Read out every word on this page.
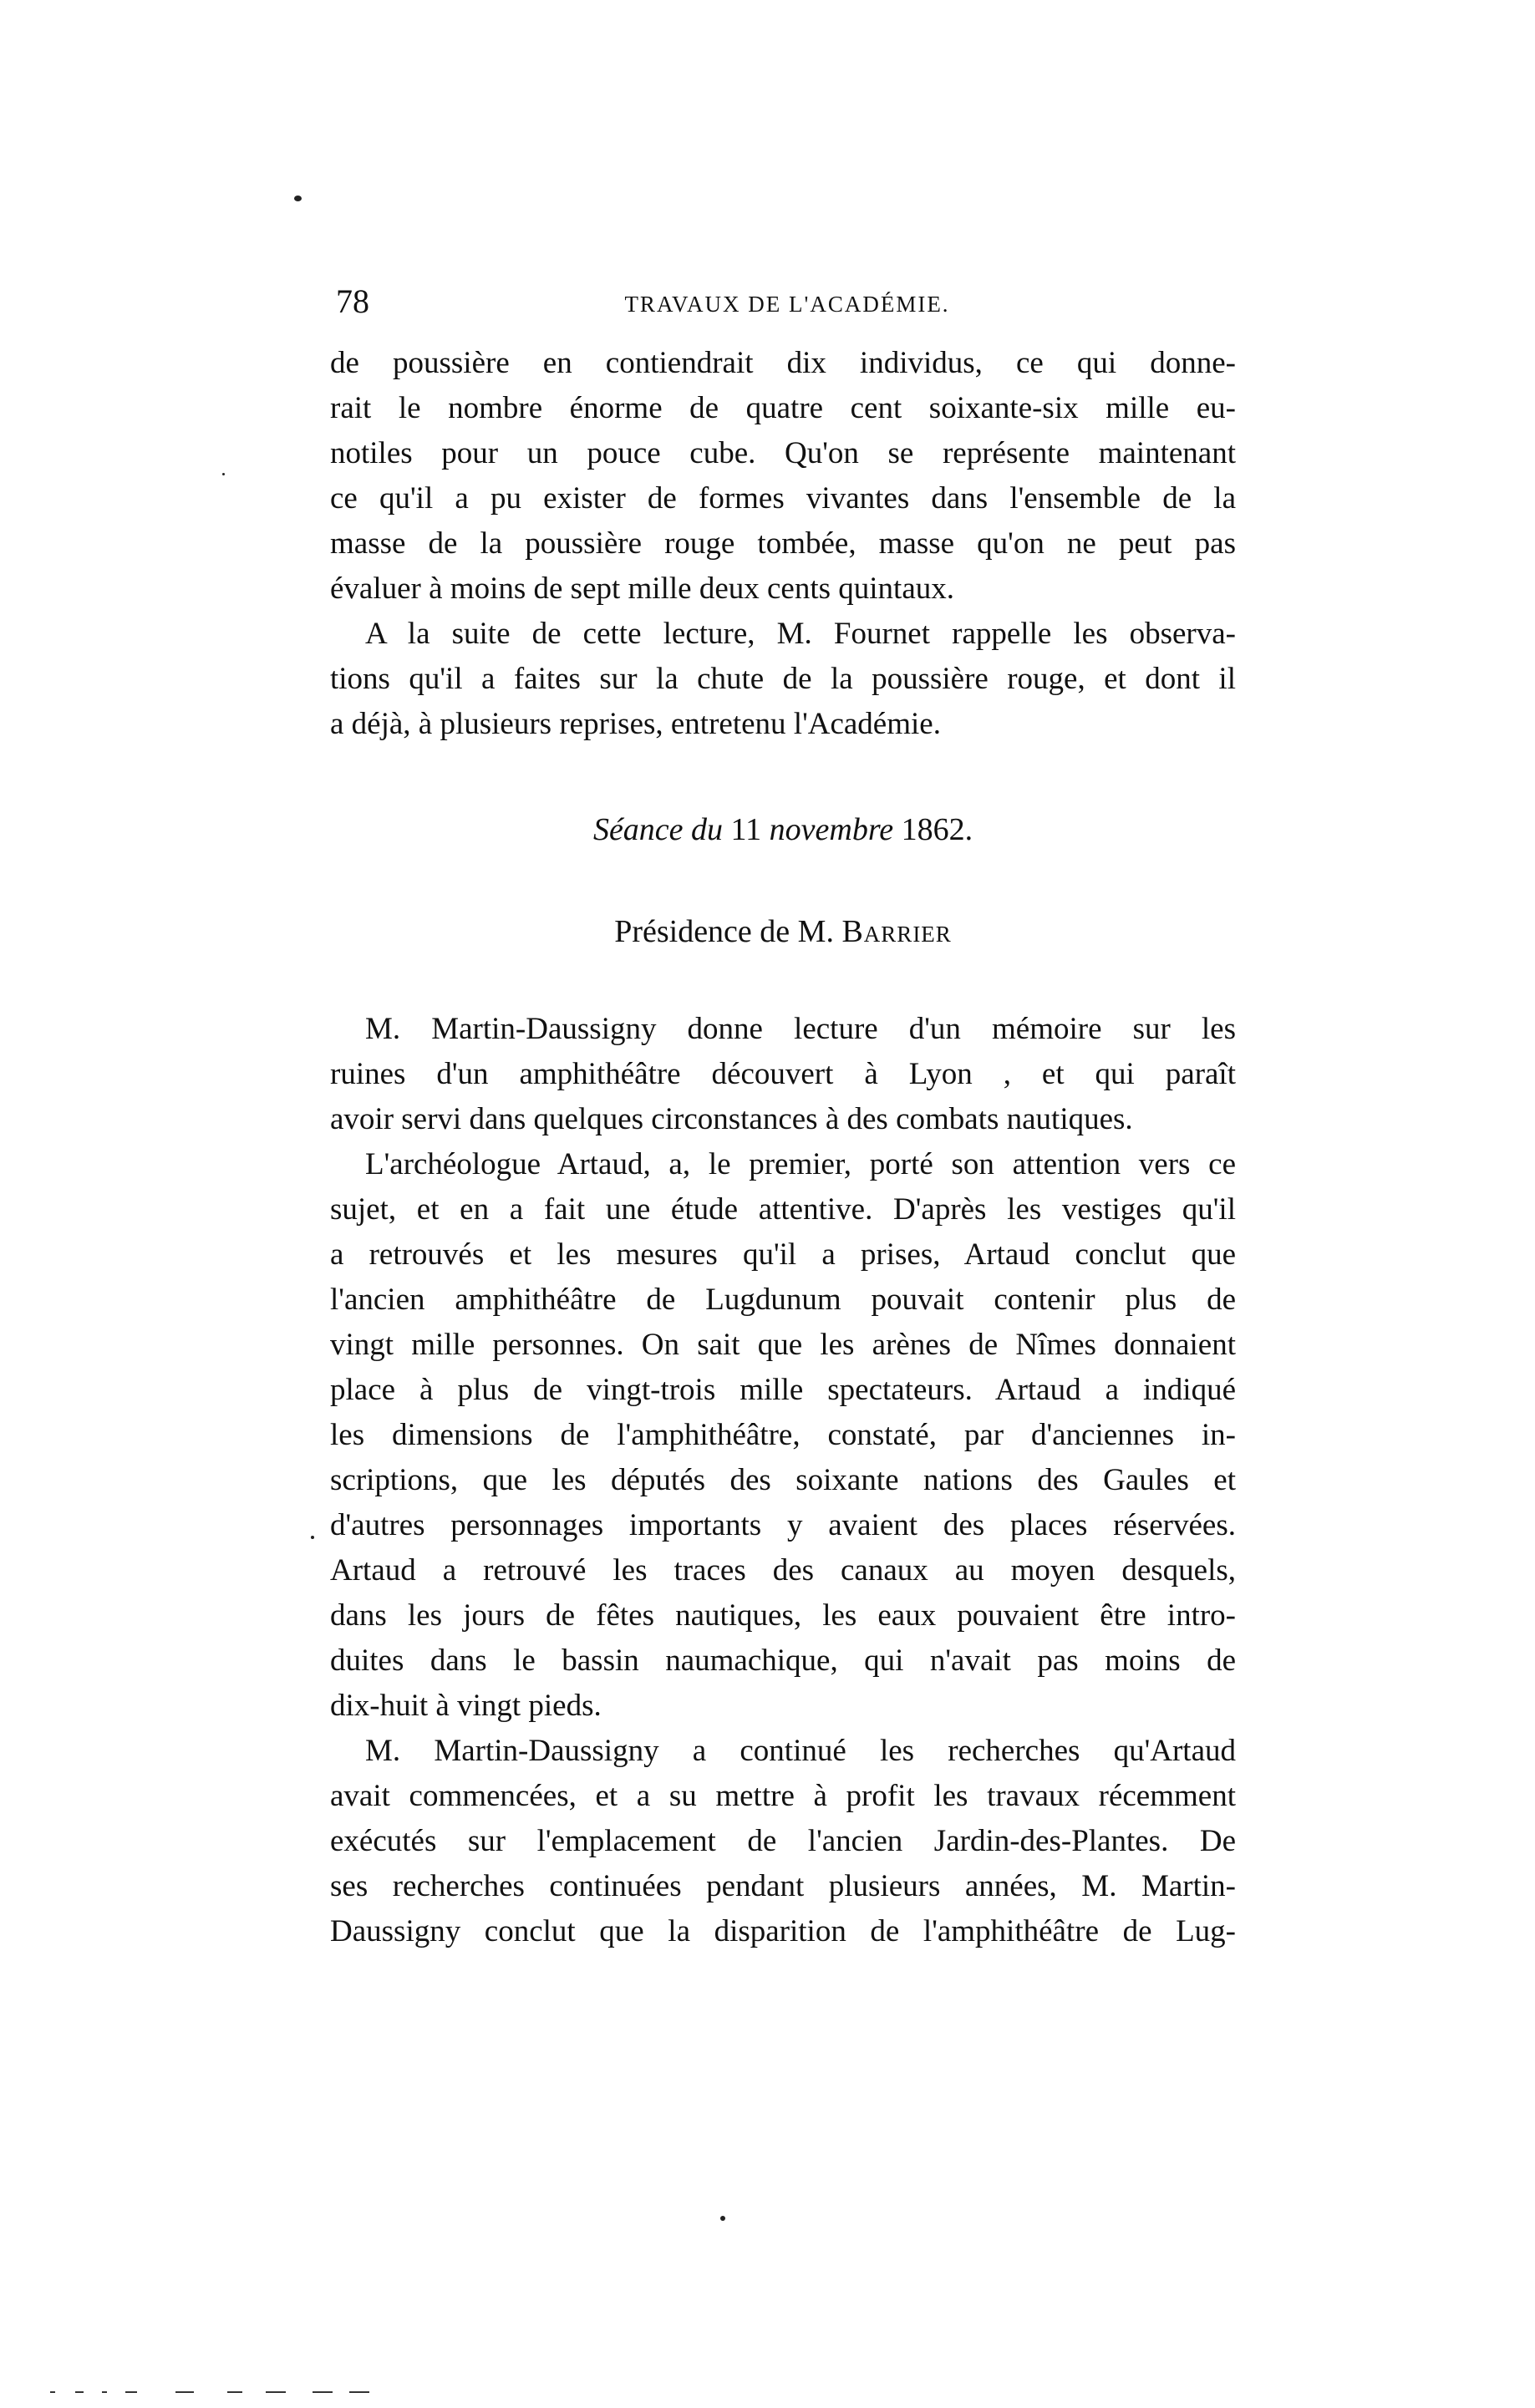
78	TRAVAUX DE L'ACADÉMIE.
de poussière en contiendrait dix individus, ce qui donne-
rait le nombre énorme de quatre cent soixante-six mille eu-
notiles pour un pouce cube. Qu'on se représente maintenant
ce qu'il a pu exister de formes vivantes dans l'ensemble de la
masse de la poussière rouge tombée, masse qu'on ne peut pas
évaluer à moins de sept mille deux cents quintaux.
A la suite de cette lecture, M. Fournet rappelle les observa-
tions qu'il a faites sur la chute de la poussière rouge, et dont il
a déjà, à plusieurs reprises, entretenu l'Académie.
Séance du 11 novembre 1862.
Présidence de M. Barrier
M. Martin-Daussigny donne lecture d'un mémoire sur les
ruines d'un amphithéâtre découvert à Lyon , et qui paraît
avoir servi dans quelques circonstances à des combats nautiques.
L'archéologue Artaud, a, le premier, porté son attention vers ce
sujet, et en a fait une étude attentive. D'après les vestiges qu'il
a retrouvés et les mesures qu'il a prises, Artaud conclut que
l'ancien amphithéâtre de Lugdunum pouvait contenir plus de
vingt mille personnes. On sait que les arènes de Nîmes donnaient
place à plus de vingt-trois mille spectateurs. Artaud a indiqué
les dimensions de l'amphithéâtre, constaté, par d'anciennes in-
scriptions, que les députés des soixante nations des Gaules et
d'autres personnages importants y avaient des places réservées.
Artaud a retrouvé les traces des canaux au moyen desquels,
dans les jours de fêtes nautiques, les eaux pouvaient être intro-
duites dans le bassin naumachique, qui n'avait pas moins de
dix-huit à vingt pieds.
M. Martin-Daussigny a continué les recherches qu'Artaud
avait commencées, et a su mettre à profit les travaux récemment
exécutés sur l'emplacement de l'ancien Jardin-des-Plantes. De
ses recherches continuées pendant plusieurs années, M. Martin-
Daussigny conclut que la disparition de l'amphithéâtre de Lug-
